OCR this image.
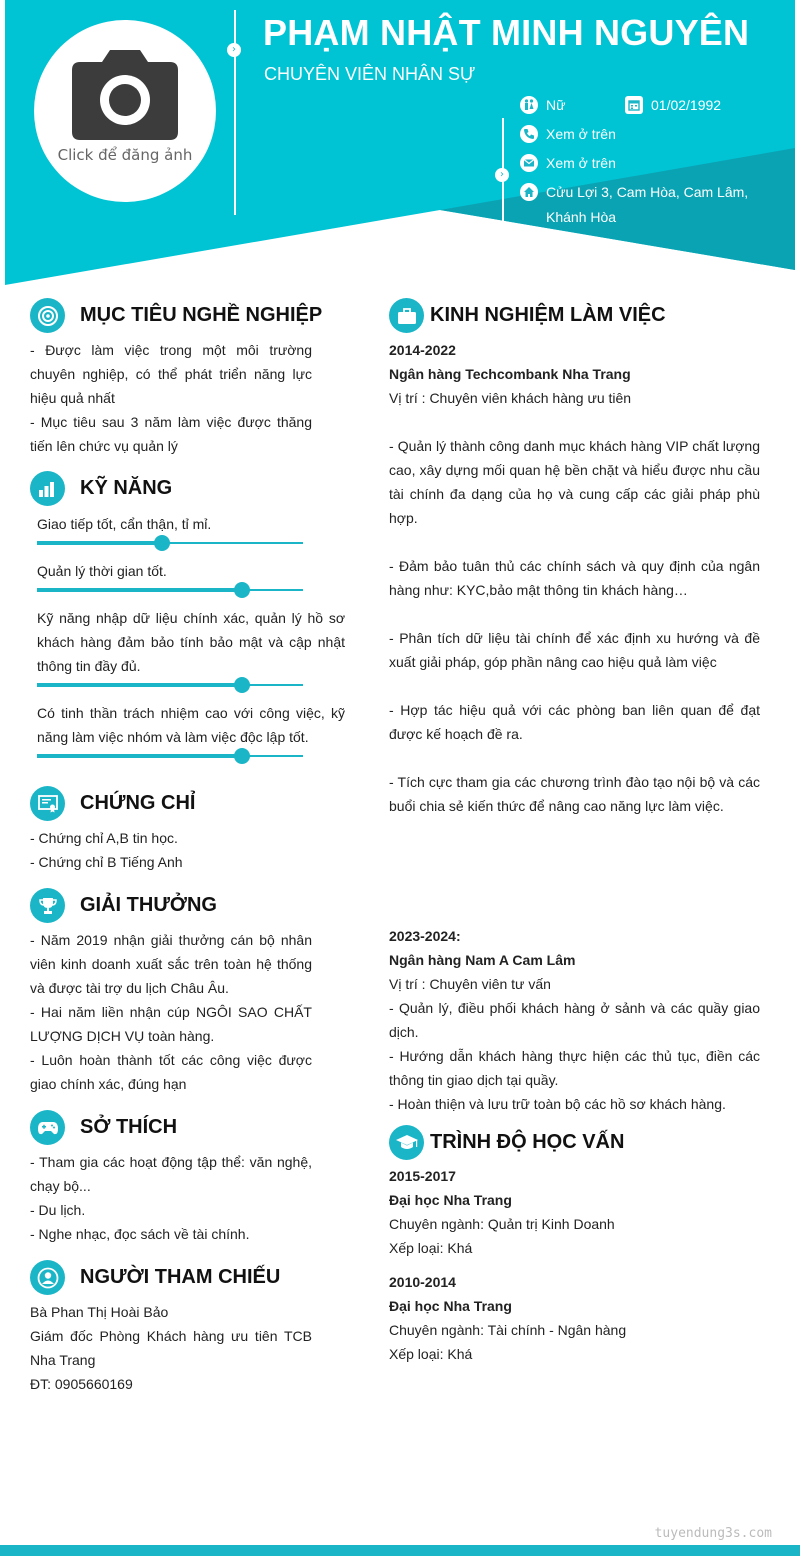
Click để đăng ảnh
›
›
PHẠM NHẬT MINH NGUYÊN
CHUYÊN VIÊN NHÂN SỰ
Nữ	01/02/1992
Xem ở trên
Xem ở trên
Cửu Lợi 3, Cam Hòa, Cam Lâm, Khánh Hòa
MỤC TIÊU NGHỀ NGHIỆP

- Được làm việc trong một môi trường chuyên nghiệp, có thể phát triển năng lực hiệu quả nhất

- Mục tiêu sau 3 năm làm việc được thăng tiến lên chức vụ quản lý

KỸ NĂNG
Giao tiếp tốt, cẩn thận, tỉ mỉ.
Quản lý thời gian tốt.
Kỹ năng nhập dữ liệu chính xác, quản lý hồ sơ khách hàng đảm bảo tính bảo mật và cập nhật thông tin đầy đủ.
Có tinh thần trách nhiệm cao với công việc, kỹ năng làm việc nhóm và làm việc độc lập tốt.
CHỨNG CHỈ

- Chứng chỉ A,B tin học.

- Chứng chỉ B Tiếng Anh

GIẢI THƯỞNG

- Năm 2019 nhận giải thưởng cán bộ nhân viên kinh doanh xuất sắc trên toàn hệ thống và được tài trợ du lịch Châu Âu.

- Hai năm liền nhận cúp NGÔI SAO CHẤT LƯỢNG DỊCH VỤ toàn hàng.

- Luôn hoàn thành tốt các công việc được giao chính xác, đúng hạn

SỞ THÍCH

- Tham gia các hoạt động tập thể: văn nghệ, chạy bộ...

- Du lịch.

- Nghe nhạc, đọc sách về tài chính.

NGƯỜI THAM CHIẾU

Bà Phan Thị Hoài Bảo

Giám đốc Phòng Khách hàng ưu tiên TCB Nha Trang

ĐT: 0905660169

KINH NGHIỆM LÀM VIỆC

2014-2022

Ngân hàng Techcombank Nha Trang

Vị trí : Chuyên viên khách hàng ưu tiên

- Quản lý thành công danh mục khách hàng VIP chất lượng cao, xây dựng mối quan hệ bền chặt và hiểu được nhu cầu tài chính đa dạng của họ và cung cấp các giải pháp phù hợp.

- Đảm bảo tuân thủ các chính sách và quy định của ngân hàng như: KYC,bảo mật thông tin khách hàng…

- Phân tích dữ liệu tài chính để xác định xu hướng và đề xuất giải pháp, góp phần nâng cao hiệu quả làm việc

- Hợp tác hiệu quả với các phòng ban liên quan để đạt được kế hoạch đề ra.

- Tích cực tham gia các chương trình đào tạo nội bộ và các buổi chia sẻ kiến thức để nâng cao năng lực làm việc.

2023-2024:

Ngân hàng Nam A Cam Lâm

Vị trí : Chuyên viên tư vấn

- Quản lý, điều phối khách hàng ở sảnh và các quầy giao dịch.

- Hướng dẫn khách hàng thực hiện các thủ tục, điền các thông tin giao dịch tại quầy.

- Hoàn thiện và lưu trữ toàn bộ các hồ sơ khách hàng.

TRÌNH ĐỘ HỌC VẤN

2015-2017

Đại học Nha Trang

Chuyên ngành: Quản trị Kinh Doanh

Xếp loại: Khá

2010-2014

Đại học Nha Trang

Chuyên ngành: Tài chính - Ngân hàng

Xếp loại: Khá

tuyendung3s.com
